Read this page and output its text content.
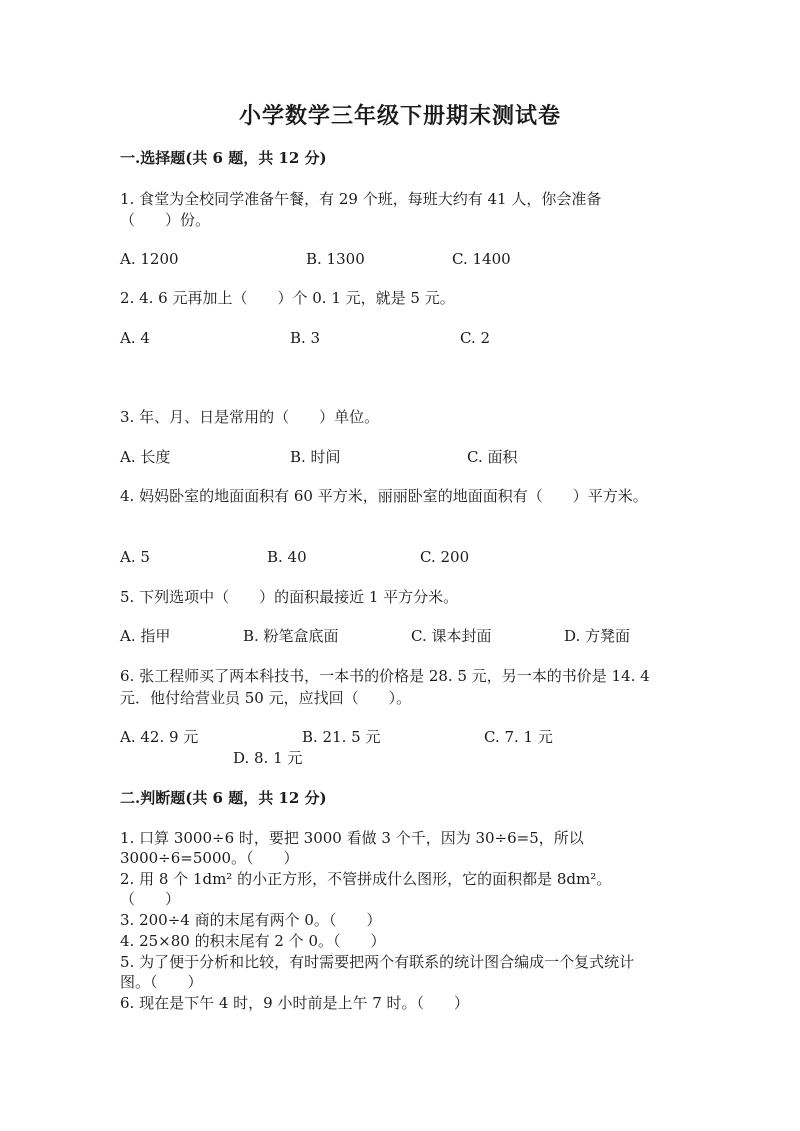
小学数学三年级下册期末测试卷
一.选择题(共 6 题，共 12 分)
1. 食堂为全校同学准备午餐，有 29 个班，每班大约有 41 人，你会准备
（　　）份。
A. 1200	B. 1300	C. 1400
2. 4. 6 元再加上（　　）个 0. 1 元，就是 5 元。
A. 4	B. 3	C. 2
3. 年、月、日是常用的（　　）单位。
A. 长度	B. 时间	C. 面积
4. 妈妈卧室的地面面积有 60 平方米，丽丽卧室的地面面积有（　　）平方米。
A. 5	B. 40	C. 200
5. 下列选项中（　　）的面积最接近 1 平方分米。
A. 指甲	B. 粉笔盒底面	C. 课本封面	D. 方凳面
6. 张工程师买了两本科技书，一本书的价格是 28. 5 元，另一本的书价是 14. 4
元．他付给营业员 50 元，应找回（　　）。
A. 42. 9 元	B. 21. 5 元	C. 7. 1 元
D. 8. 1 元
二.判断题(共 6 题，共 12 分)
1. 口算 3000÷6 时，要把 3000 看做 3 个千，因为 30÷6=5，所以
3000÷6=5000。（　　）
2. 用 8 个 1dm² 的小正方形，不管拼成什么图形，它的面积都是 8dm²。
（　　）
3. 200÷4 商的末尾有两个 0。（　　）
4. 25×80 的积末尾有 2 个 0。（　　）
5. 为了便于分析和比较，有时需要把两个有联系的统计图合编成一个复式统计
图。（　　）
6. 现在是下午 4 时，9 小时前是上午 7 时。（　　）
